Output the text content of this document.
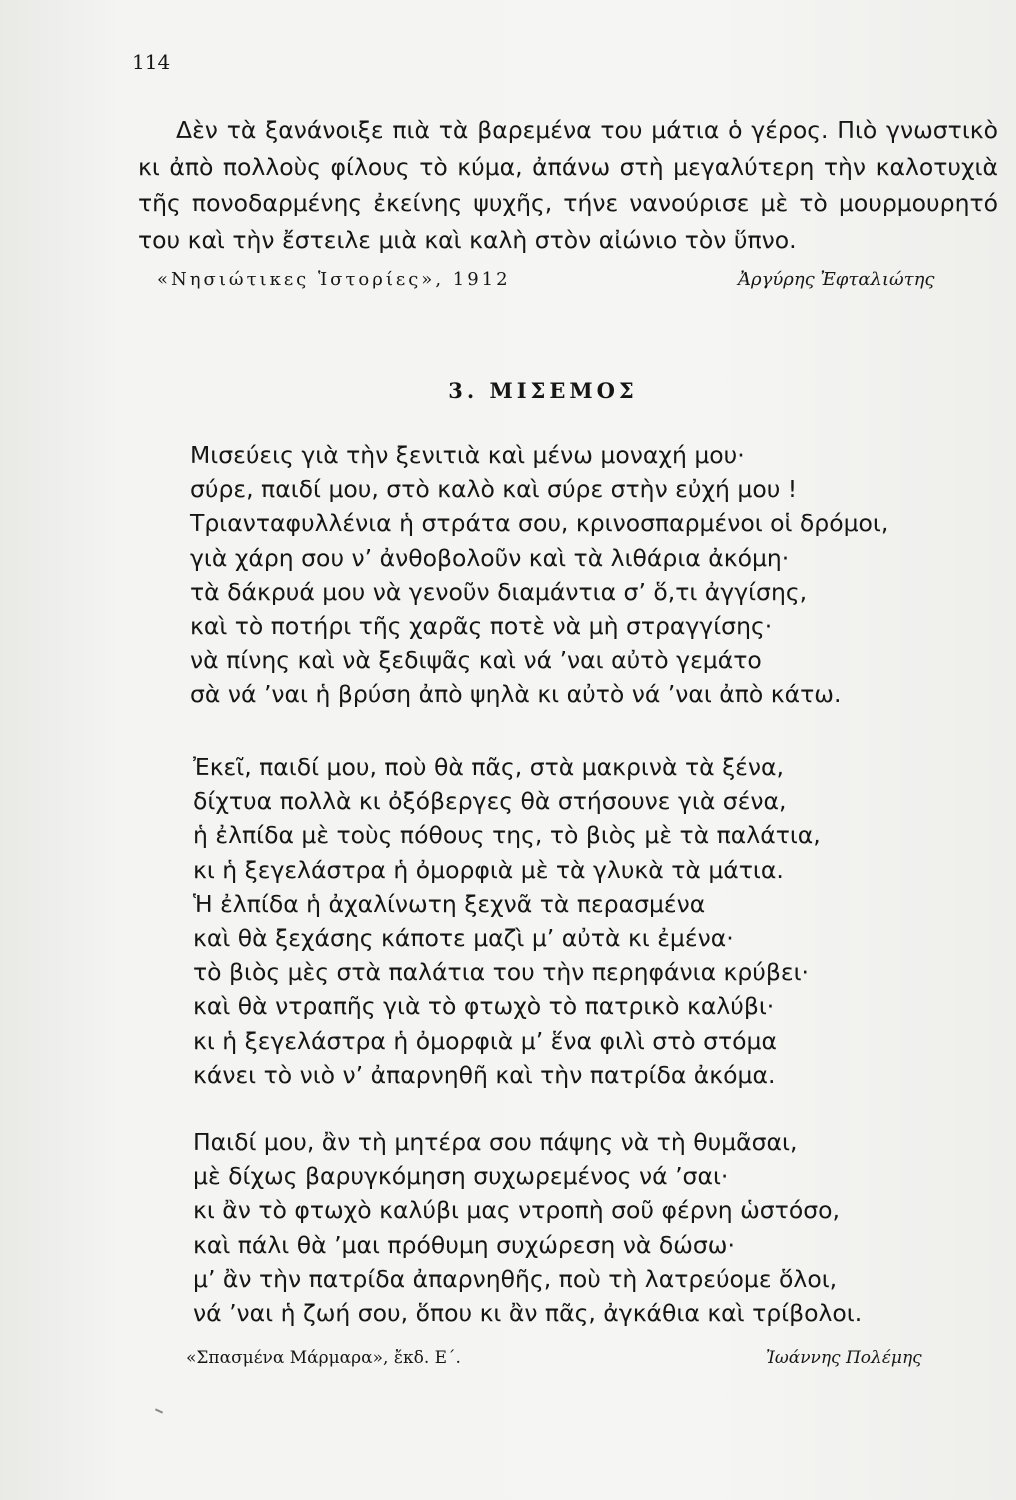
114

Δὲν τὰ ξανάνοιξε πιὰ τὰ βαρεμένα του μάτια ὁ γέρος. Πιὸ γνωστικὸ κι ἀπὸ πολλοὺς φίλους τὸ κύμα, ἀπάνω στὴ μεγαλύτερη τὴν καλοτυχιὰ τῆς πονοδαρμένης ἐκείνης ψυχῆς, τήνε νανούρισε μὲ τὸ μουρμουρητό του καὶ τὴν ἔστειλε μιὰ καὶ καλὴ στὸν αἰώνιο τὸν ὕπνο.

«Νησιώτικες Ἱστορίες», 1912	Ἀργύρης Ἐφταλιώτης
3. ΜΙΣΕΜΟΣ
Μισεύεις γιὰ τὴν ξενιτιὰ καὶ μένω μοναχή μου·
σύρε, παιδί μου, στὸ καλὸ καὶ σύρε στὴν εὐχή μου !
Τριανταφυλλένια ἡ στράτα σου, κρινοσπαρμένοι οἱ δρόμοι,
γιὰ χάρη σου ν’ ἀνθοβολοῦν καὶ τὰ λιθάρια ἀκόμη·
τὰ δάκρυά μου νὰ γενοῦν διαμάντια σ’ ὅ,τι ἀγγίσης,
καὶ τὸ ποτήρι τῆς χαρᾶς ποτὲ νὰ μὴ στραγγίσης·
νὰ πίνης καὶ νὰ ξεδιψᾶς καὶ νά ’ναι αὐτὸ γεμάτο
σὰ νά ’ναι ἡ βρύση ἀπὸ ψηλὰ κι αὐτὸ νά ’ναι ἀπὸ κάτω.
Ἐκεῖ, παιδί μου, ποὺ θὰ πᾶς, στὰ μακρινὰ τὰ ξένα,
δίχτυα πολλὰ κι ὀξόβεργες θὰ στήσουνε γιὰ σένα,
ἡ ἐλπίδα μὲ τοὺς πόθους της, τὸ βιὸς μὲ τὰ παλάτια,
κι ἡ ξεγελάστρα ἡ ὀμορφιὰ μὲ τὰ γλυκὰ τὰ μάτια.
Ἡ ἐλπίδα ἡ ἀχαλίνωτη ξεχνᾶ τὰ περασμένα
καὶ θὰ ξεχάσης κάποτε μαζὶ μ’ αὐτὰ κι ἐμένα·
τὸ βιὸς μὲς στὰ παλάτια του τὴν περηφάνια κρύβει·
καὶ θὰ ντραπῆς γιὰ τὸ φτωχὸ τὸ πατρικὸ καλύβι·
κι ἡ ξεγελάστρα ἡ ὀμορφιὰ μ’ ἕνα φιλὶ στὸ στόμα
κάνει τὸ νιὸ ν’ ἀπαρνηθῆ καὶ τὴν πατρίδα ἀκόμα.
Παιδί μου, ἂν τὴ μητέρα σου πάψης νὰ τὴ θυμᾶσαι,
μὲ δίχως βαρυγκόμηση συχωρεμένος νά ’σαι·
κι ἂν τὸ φτωχὸ καλύβι μας ντροπὴ σοῦ φέρνη ὡστόσο,
καὶ πάλι θὰ ’μαι πρόθυμη συχώρεση νὰ δώσω·
μ’ ἂν τὴν πατρίδα ἀπαρνηθῆς, ποὺ τὴ λατρεύομε ὅλοι,
νά ’ναι ἡ ζωή σου, ὅπου κι ἂν πᾶς, ἀγκάθια καὶ τρίβολοι.
«Σπασμένα Μάρμαρα», ἔκδ. Ε΄.	Ἰωάννης Πολέμης
